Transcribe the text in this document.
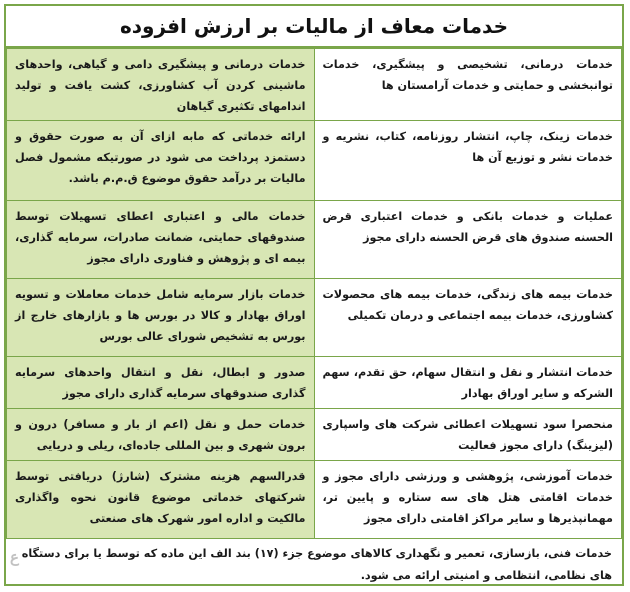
خدمات معاف از مالیات بر ارزش افزوده
خدمات درمانی، تشخیصی و پیشگیری، خدمات توانبخشی و حمایتی و خدمات آرامستان ها	خدمات درمانی و پیشگیری دامی و گیاهی، واحدهای ماشینی کردن آب کشاورزی، کشت یافت و تولید اندامهای تکثیری گیاهان
خدمات زینک، چاپ، انتشار روزنامه، کتاب، نشریه و خدمات نشر و توزیع آن ها	ارائه خدماتی که مابه ازای آن به صورت حقوق و دستمزد پرداخت می شود در صورتیکه مشمول فصل مالیات بر درآمد حقوق موضوع ق.م.م باشد.
عملیات و خدمات بانکی و خدمات اعتباری قرض الحسنه صندوق های قرض الحسنه دارای مجوز	خدمات مالی و اعتباری اعطای تسهیلات توسط صندوقهای حمایتی، ضمانت صادرات، سرمایه گذاری، بیمه ای و پژوهش و فناوری دارای مجوز
خدمات بیمه های زندگی، خدمات بیمه های محصولات کشاورزی، خدمات بیمه اجتماعی و درمان تکمیلی	خدمات بازار سرمایه شامل خدمات معاملات و تسویه اوراق بهادار و کالا در بورس ها و بازارهای خارج از بورس به تشخیص شورای عالی بورس
خدمات انتشار و نقل و انتقال سهام، حق تقدم، سهم الشرکه و سایر اوراق بهادار	صدور و ابطال، نقل و انتقال واحدهای سرمایه گذاری صندوقهای سرمایه گذاری دارای مجوز
منحصرا سود تسهیلات اعطائی شرکت های واسپاری (لیزینگ) دارای مجوز فعالیت	خدمات حمل و نقل (اعم از بار و مسافر) درون و برون شهری و بین المللی جاده‌ای، ریلی و دریایی
خدمات آموزشی، پژوهشی و ورزشی دارای مجوز و خدمات اقامتی هتل های سه ستاره و پایین تر، مهمانپذیرها و سایر مراکز اقامتی دارای مجوز	قدرالسهم هزینه مشترک (شارژ) دریافتی توسط شرکتهای خدماتی موضوع قانون نحوه واگذاری مالکیت و اداره امور شهرک های صنعتی
خدمات فنی، بازسازی، تعمیر و نگهداری کالاهای موضوع جزء (۱۷) بند الف این ماده که توسط یا برای دستگاه های نظامی، انتظامی و امنیتی ارائه می شود.
ع
